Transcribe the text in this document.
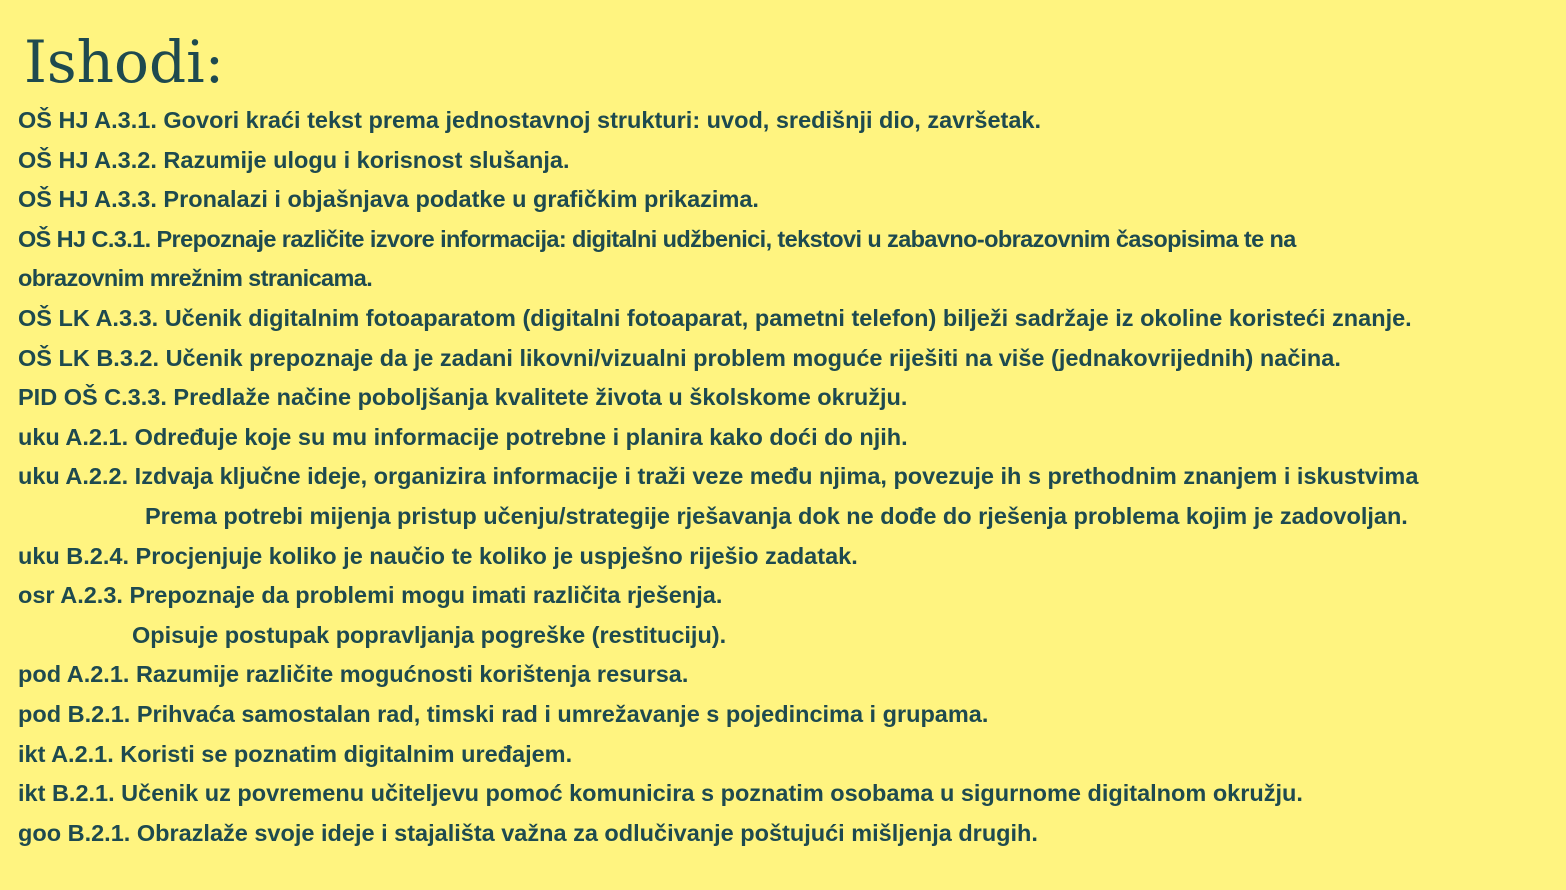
Ishodi:
OŠ HJ A.3.1. Govori kraći tekst prema jednostavnoj strukturi: uvod, središnji dio, završetak.
OŠ HJ A.3.2. Razumije ulogu i korisnost slušanja.
OŠ HJ A.3.3. Pronalazi i objašnjava podatke u grafičkim prikazima.
OŠ HJ C.3.1. Prepoznaje različite izvore informacija: digitalni udžbenici, tekstovi u zabavno-obrazovnim časopisima te na
obrazovnim mrežnim stranicama.
OŠ LK A.3.3. Učenik digitalnim fotoaparatom (digitalni fotoaparat, pametni telefon) bilježi sadržaje iz okoline koristeći znanje.
OŠ LK B.3.2. Učenik prepoznaje da je zadani likovni/vizualni problem moguće riješiti na više (jednakovrijednih) načina.
PID OŠ C.3.3. Predlaže načine poboljšanja kvalitete života u školskome okružju.
uku A.2.1. Određuje koje su mu informacije potrebne i planira kako doći do njih.
uku A.2.2. Izdvaja ključne ideje, organizira informacije i traži veze među njima, povezuje ih s prethodnim znanjem i iskustvima
Prema potrebi mijenja pristup učenju/strategije rješavanja dok ne dođe do rješenja problema kojim je zadovoljan.
uku B.2.4. Procjenjuje koliko je naučio te koliko je uspješno riješio zadatak.
osr A.2.3. Prepoznaje da problemi mogu imati različita rješenja.
Opisuje postupak popravljanja pogreške (restituciju).
pod A.2.1. Razumije različite mogućnosti korištenja resursa.
pod B.2.1. Prihvaća samostalan rad, timski rad i umrežavanje s pojedincima i grupama.
ikt A.2.1. Koristi se poznatim digitalnim uređajem.
ikt B.2.1. Učenik uz povremenu učiteljevu pomoć komunicira s poznatim osobama u sigurnome digitalnom okružju.
goo B.2.1. Obrazlaže svoje ideje i stajališta važna za odlučivanje poštujući mišljenja drugih.
